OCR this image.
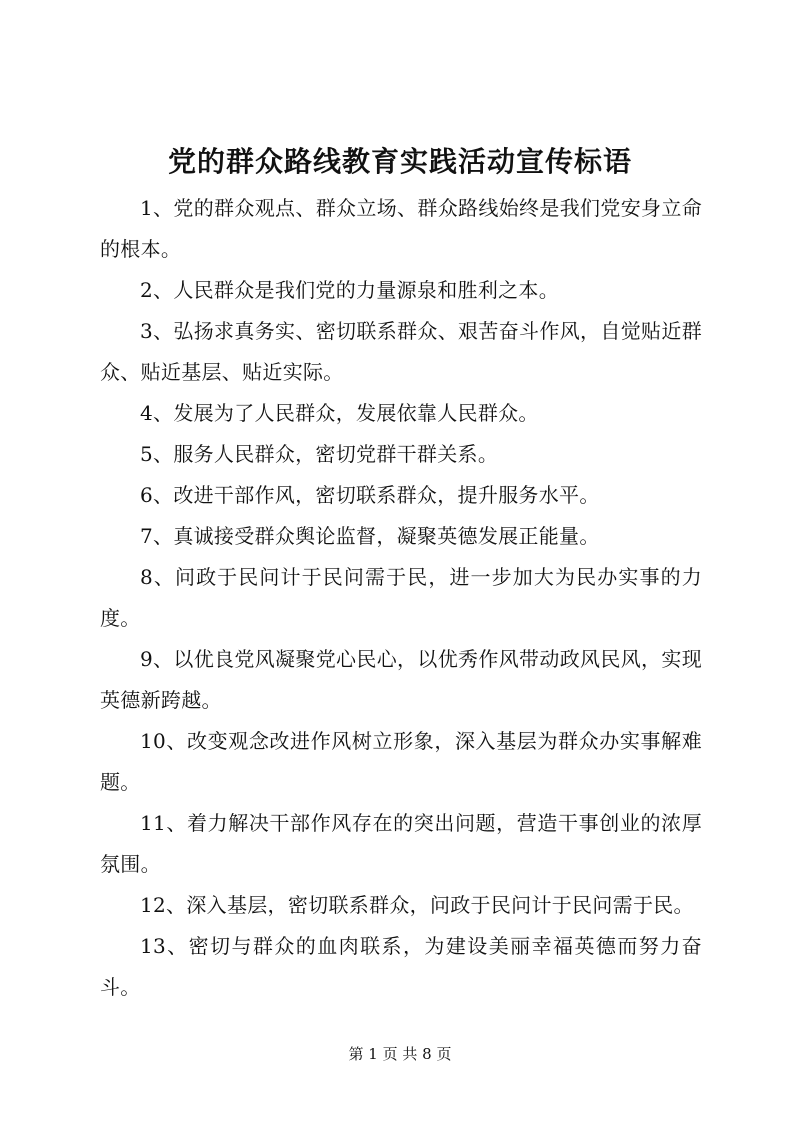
党的群众路线教育实践活动宣传标语

1、党的群众观点、群众立场、群众路线始终是我们党安身立命的根本。

2、人民群众是我们党的力量源泉和胜利之本。

3、弘扬求真务实、密切联系群众、艰苦奋斗作风，自觉贴近群众、贴近基层、贴近实际。

4、发展为了人民群众，发展依靠人民群众。

5、服务人民群众，密切党群干群关系。

6、改进干部作风，密切联系群众，提升服务水平。

7、真诚接受群众舆论监督，凝聚英德发展正能量。

8、问政于民问计于民问需于民，进一步加大为民办实事的力度。

9、以优良党风凝聚党心民心，以优秀作风带动政风民风，实现英德新跨越。

10、改变观念改进作风树立形象，深入基层为群众办实事解难题。

11、着力解决干部作风存在的突出问题，营造干事创业的浓厚氛围。

12、深入基层，密切联系群众，问政于民问计于民问需于民。

13、密切与群众的血肉联系，为建设美丽幸福英德而努力奋斗。

第 1 页 共 8 页
